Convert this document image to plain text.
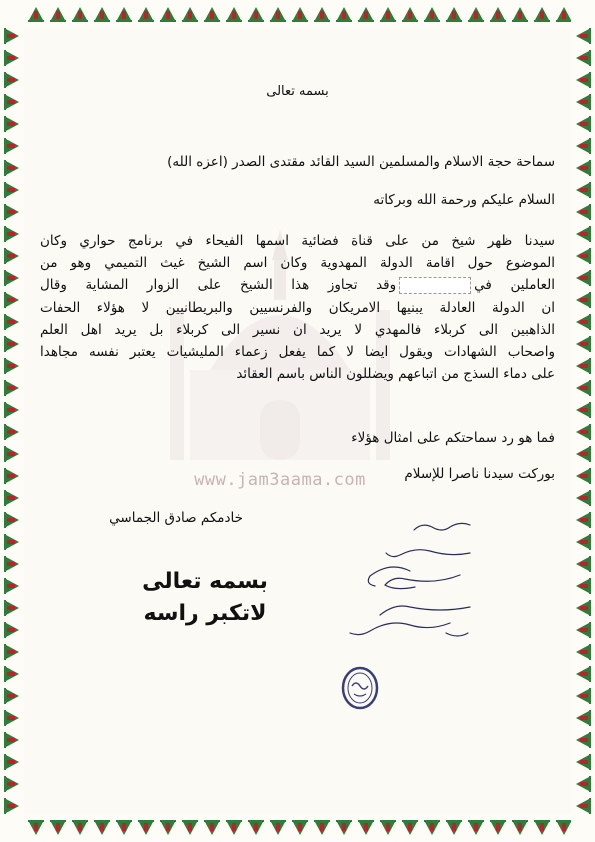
www.jam3aama.com
بسمه تعالى
سماحة حجة الاسلام والمسلمين السيد القائد مقتدى الصدر (اعزه الله)
السلام عليكم ورحمة الله وبركاته
سيدنا ظهر شيخ من على قناة فضائية اسمها الفيحاء في برنامج حواري وكان
الموضوع حول اقامة الدولة المهدوية وكان اسم الشيخ غيث التميمي وهو من
العاملين فيوقد تجاوز هذا الشيخ على الزوار المشاية وقال
ان الدولة العادلة يبنيها الامريكان والفرنسيين والبريطانيين لا هؤلاء الحفات
الذاهبين الى كربلاء فالمهدي لا يريد ان نسير الى كربلاء بل يريد اهل العلم
واصحاب الشهادات ويقول ايضا لا كما يفعل زعماء المليشيات يعتبر نفسه مجاهدا
على دماء السذج من اتباعهم ويضللون الناس باسم العقائد
فما هو رد سماحتكم على امثال هؤلاء
بوركت سيدنا ناصرا للإسلام
خادمكم صادق الجماسي
بسمه تعالى
لاتكبر راسه
